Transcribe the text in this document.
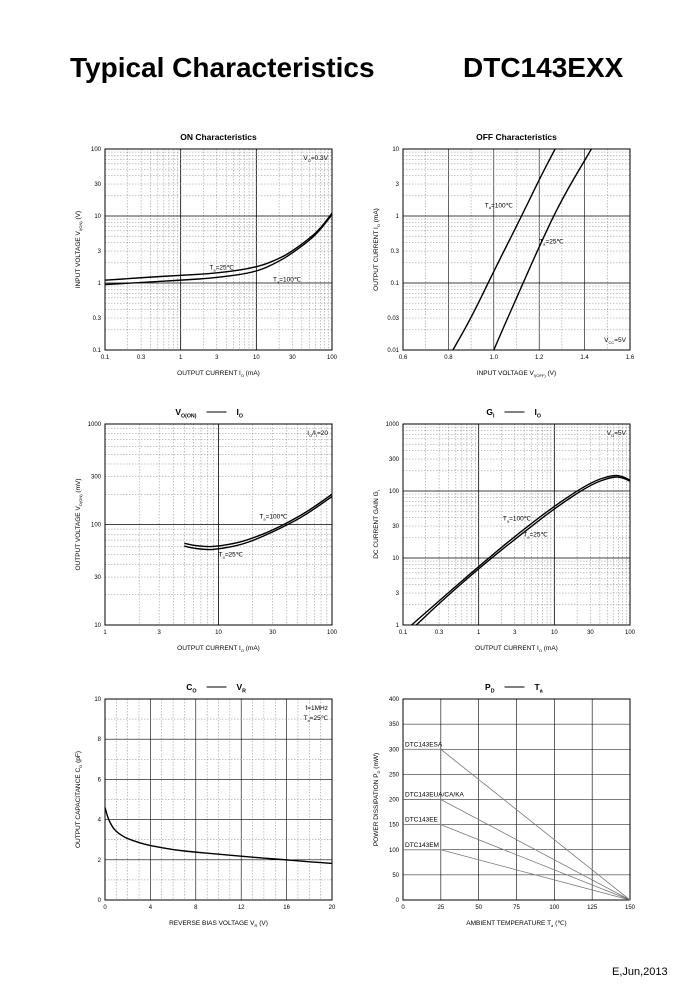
Typical Characteristics	DTC143EXX
E,Jun,2013
0.1	0.3	1	3	10	30	100
0.1
0.3
1
3
10
30
100
ON Characteristics
OUTPUT CURRENT $I_O$ (mA)
INPUT VOLTAGE $V_{I(ON)}$ (V)
$V_O=0.3V$
$T_a=25℃$
$T_a=100℃$
0.6	0.8	1.0	1.2	1.4	1.6
0.01
0.03
0.1
0.3
1
3
10
OFF Characteristics
INPUT VOLTAGE $V_{I(OFF)}$ (V)
OUTPUT CURRENT $I_O$ (mA)
$V_{CC}=5V$
$T_a=100℃$
$T_a=25℃$
1	3	10	30	100
10
30
100
300
1000
$V_{O(ON)}$	$I_O$
OUTPUT CURRENT $I_O$ (mA)
OUTPUT VOLTAGE $V_{O(ON)}$ (mV)
$I_O/I_I=20$
$T_a=100℃$
$T_a=25℃$
0.1	0.3	1	3	10	30	100
1
3
10
30
100
300
1000
$G_I$	$I_O$
OUTPUT CURRENT $I_O$ (mA)
DC CURRENT GAIN $G_I$
$V_O=5V$
$T_a=100℃$
$T_a=25℃$
0	4	8	12	16	20
0
2
4
6
8
10
$C_O$	$V_R$
REVERSE BIAS VOLTAGE $V_R$ (V)
OUTPUT CAPACITANCE $C_O$ (pF)
f=1MHz
$T_a=25℃$
0	25	50	75	100	125	150
0
50
100
150
200
250
300
350
400
$P_D$	$T_a$
AMBIENT TEMPERATURE $T_a$ (℃)
POWER DISSIPATION $P_D$ (mW)
DTC143ESA
DTC143EUA/CA/KA
DTC143EE
DTC143EM
